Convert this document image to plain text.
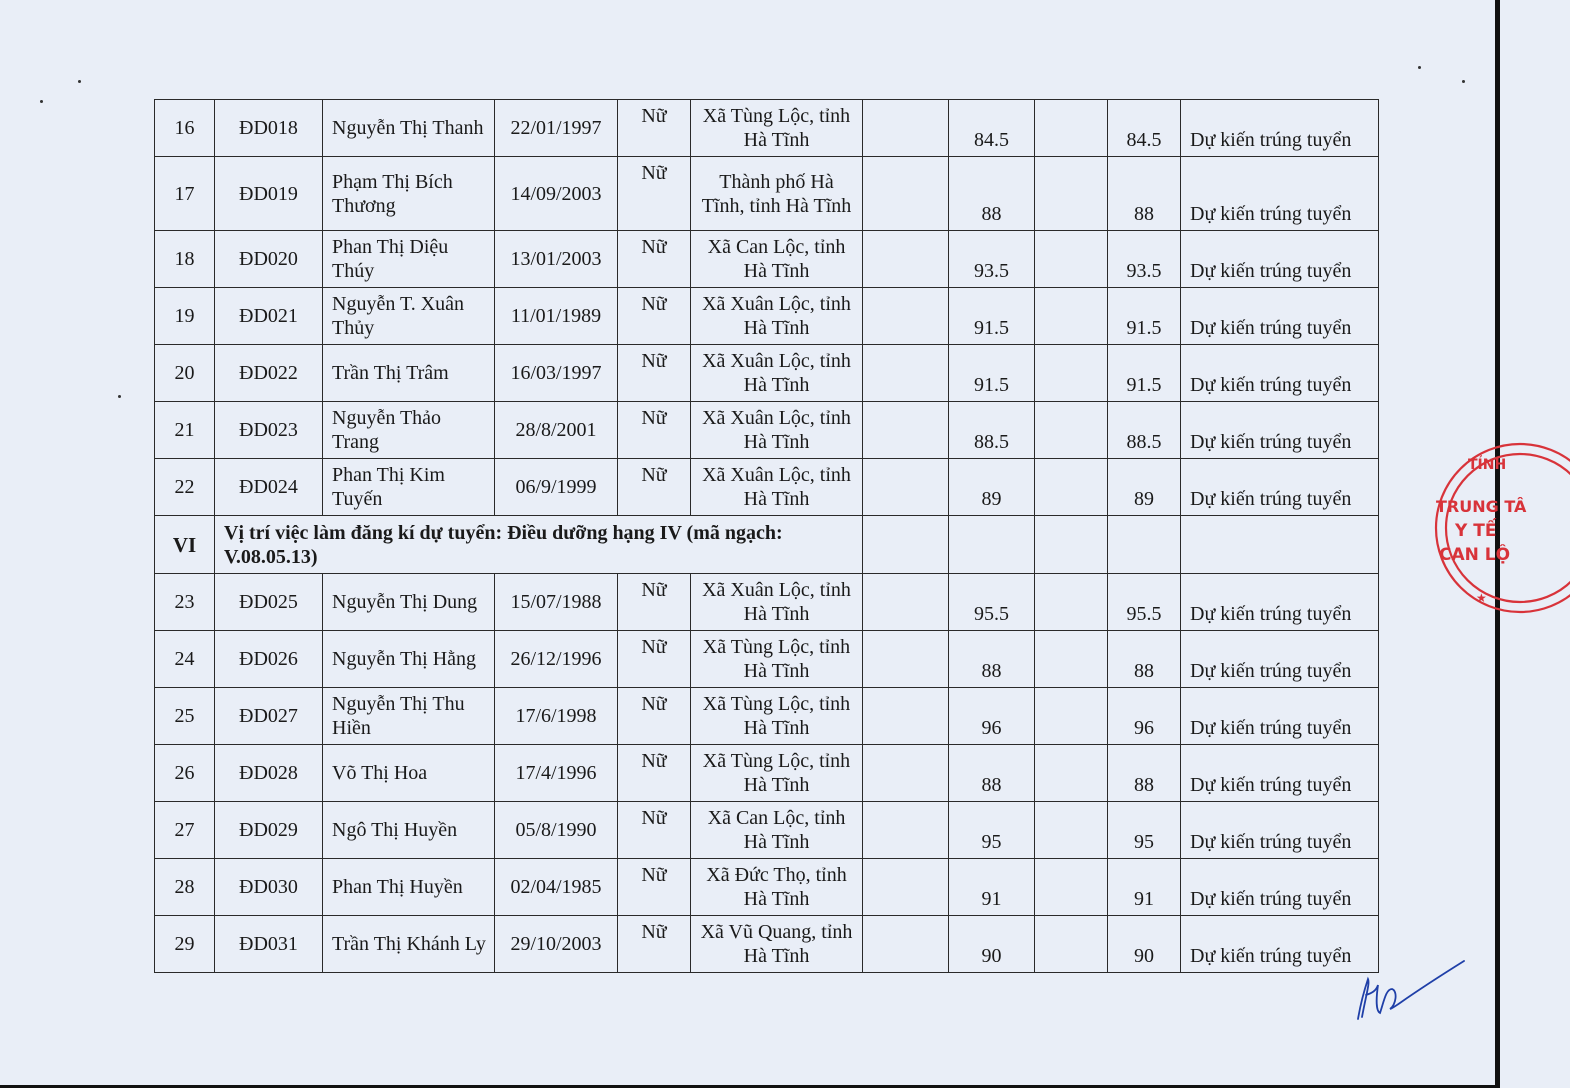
16	ĐD018	Nguyễn Thị Thanh	22/01/1997	Nữ	Xã Tùng Lộc, tỉnh Hà Tĩnh		84.5		84.5	Dự kiến trúng tuyển
17	ĐD019	Phạm Thị Bích Thương	14/09/2003	Nữ	Thành phố Hà Tĩnh, tỉnh Hà Tĩnh		88		88	Dự kiến trúng tuyển
18	ĐD020	Phan Thị Diệu Thúy	13/01/2003	Nữ	Xã Can Lộc, tỉnh Hà Tĩnh		93.5		93.5	Dự kiến trúng tuyển
19	ĐD021	Nguyễn T. Xuân Thủy	11/01/1989	Nữ	Xã Xuân Lộc, tỉnh Hà Tĩnh		91.5		91.5	Dự kiến trúng tuyển
20	ĐD022	Trần Thị Trâm	16/03/1997	Nữ	Xã Xuân Lộc, tỉnh Hà Tĩnh		91.5		91.5	Dự kiến trúng tuyển
21	ĐD023	Nguyễn Thảo Trang	28/8/2001	Nữ	Xã Xuân Lộc, tỉnh Hà Tĩnh		88.5		88.5	Dự kiến trúng tuyển
22	ĐD024	Phan Thị Kim Tuyến	06/9/1999	Nữ	Xã Xuân Lộc, tỉnh Hà Tĩnh		89		89	Dự kiến trúng tuyển
VI	Vị trí việc làm đăng kí dự tuyển: Điều dưỡng hạng IV (mã ngạch: V.08.05.13)									
23	ĐD025	Nguyễn Thị Dung	15/07/1988	Nữ	Xã Xuân Lộc, tỉnh Hà Tĩnh		95.5		95.5	Dự kiến trúng tuyển
24	ĐD026	Nguyễn Thị Hằng	26/12/1996	Nữ	Xã Tùng Lộc, tỉnh Hà Tĩnh		88		88	Dự kiến trúng tuyển
25	ĐD027	Nguyễn Thị Thu Hiền	17/6/1998	Nữ	Xã Tùng Lộc, tỉnh Hà Tĩnh		96		96	Dự kiến trúng tuyển
26	ĐD028	Võ Thị Hoa	17/4/1996	Nữ	Xã Tùng Lộc, tỉnh Hà Tĩnh		88		88	Dự kiến trúng tuyển
27	ĐD029	Ngô Thị Huyền	05/8/1990	Nữ	Xã Can Lộc, tỉnh Hà Tĩnh		95		95	Dự kiến trúng tuyển
28	ĐD030	Phan Thị Huyền	02/04/1985	Nữ	Xã Đức Thọ, tỉnh Hà Tĩnh		91		91	Dự kiến trúng tuyển
29	ĐD031	Trần Thị Khánh Ly	29/10/2003	Nữ	Xã Vũ Quang, tỉnh Hà Tĩnh		90		90	Dự kiến trúng tuyển
TỈNH
TRUNG TÂ
Y TẾ
CAN LỘ
★
